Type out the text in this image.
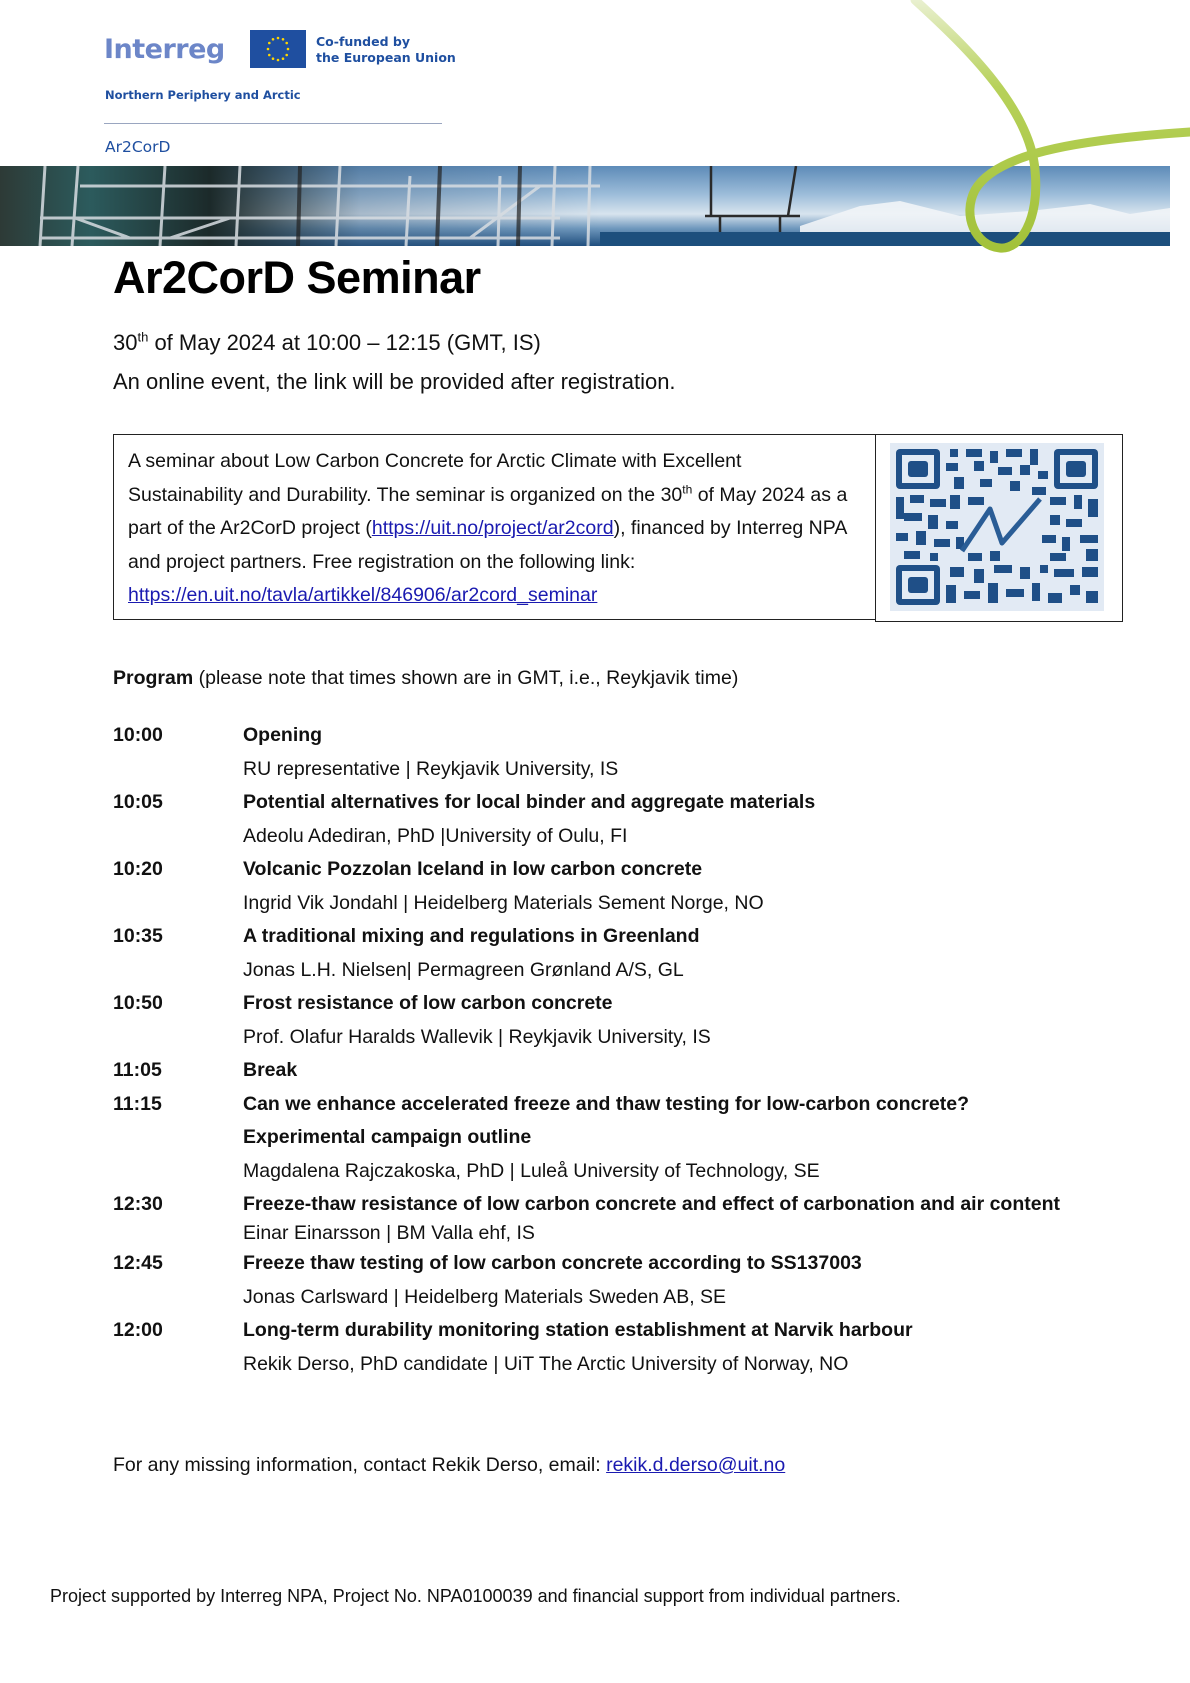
Interreg	Co-funded by
the European Union
Northern Periphery and Arctic
Ar2CorD
Ar2CorD Seminar
30th of May 2024 at 10:00 – 12:15 (GMT, IS)
An online event, the link will be provided after registration.

A seminar about Low Carbon Concrete for Arctic Climate with Excellent Sustainability and Durability. The seminar is organized on the 30th of May 2024 as a part of the Ar2CorD project (https://uit.no/project/ar2cord), financed by Interreg NPA and project partners. Free registration on the following link: https://en.uit.no/tavla/artikkel/846906/ar2cord_seminar

Program (please note that times shown are in GMT, i.e., Reykjavik time)
10:00	Opening
RU representative | Reykjavik University, IS
10:05	Potential alternatives for local binder and aggregate materials
Adeolu Adediran, PhD |University of Oulu, FI
10:20	Volcanic Pozzolan Iceland in low carbon concrete
Ingrid Vik Jondahl | Heidelberg Materials Sement Norge, NO
10:35	A traditional mixing and regulations in Greenland
Jonas L.H. Nielsen| Permagreen Grønland A/S, GL
10:50	Frost resistance of low carbon concrete
Prof. Olafur Haralds Wallevik | Reykjavik University, IS
11:05	Break
11:15	Can we enhance accelerated freeze and thaw testing for low-carbon concrete?
Experimental campaign outline
Magdalena Rajczakoska, PhD | Luleå University of Technology, SE
12:30	Freeze-thaw resistance of low carbon concrete and effect of carbonation and air content
Einar Einarsson | BM Valla ehf, IS
12:45	Freeze thaw testing of low carbon concrete according to SS137003
Jonas Carlsward | Heidelberg Materials Sweden AB, SE
12:00	Long-term durability monitoring station establishment at Narvik harbour
Rekik Derso, PhD candidate | UiT The Arctic University of Norway, NO
For any missing information, contact Rekik Derso, email: rekik.d.derso@uit.no
Project supported by Interreg NPA, Project No. NPA0100039 and financial support from individual partners.
